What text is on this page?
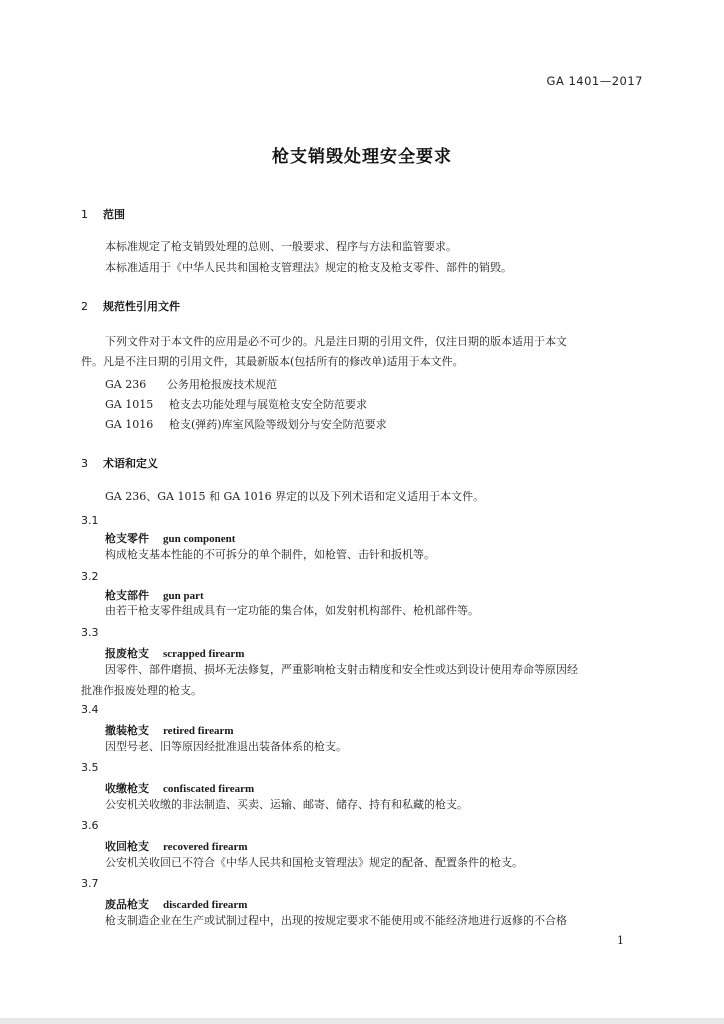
GA 1401—2017
枪支销毁处理安全要求
1 范围
本标准规定了枪支销毁处理的总则、一般要求、程序与方法和监管要求。
本标准适用于《中华人民共和国枪支管理法》规定的枪支及枪支零件、部件的销毁。
2 规范性引用文件
下列文件对于本文件的应用是必不可少的。凡是注日期的引用文件，仅注日期的版本适用于本文
件。凡是不注日期的引用文件，其最新版本(包括所有的修改单)适用于本文件。
GA 236 公务用枪报废技术规范
GA 1015 枪支去功能处理与展览枪支安全防范要求
GA 1016 枪支(弹药)库室风险等级划分与安全防范要求
3 术语和定义
GA 236、GA 1015 和 GA 1016 界定的以及下列术语和定义适用于本文件。
3.1
枪支零件 gun component
构成枪支基本性能的不可拆分的单个制件，如枪管、击针和扳机等。
3.2
枪支部件 gun part
由若干枪支零件组成具有一定功能的集合体，如发射机构部件、枪机部件等。
3.3
报废枪支 scrapped firearm
因零件、部件磨损、损坏无法修复，严重影响枪支射击精度和安全性或达到设计使用寿命等原因经
批准作报废处理的枪支。
3.4
撤装枪支 retired firearm
因型号老、旧等原因经批准退出装备体系的枪支。
3.5
收缴枪支 confiscated firearm
公安机关收缴的非法制造、买卖、运输、邮寄、储存、持有和私藏的枪支。
3.6
收回枪支 recovered firearm
公安机关收回已不符合《中华人民共和国枪支管理法》规定的配备、配置条件的枪支。
3.7
废品枪支 discarded firearm
枪支制造企业在生产或试制过程中，出现的按规定要求不能使用或不能经济地进行返修的不合格
1
